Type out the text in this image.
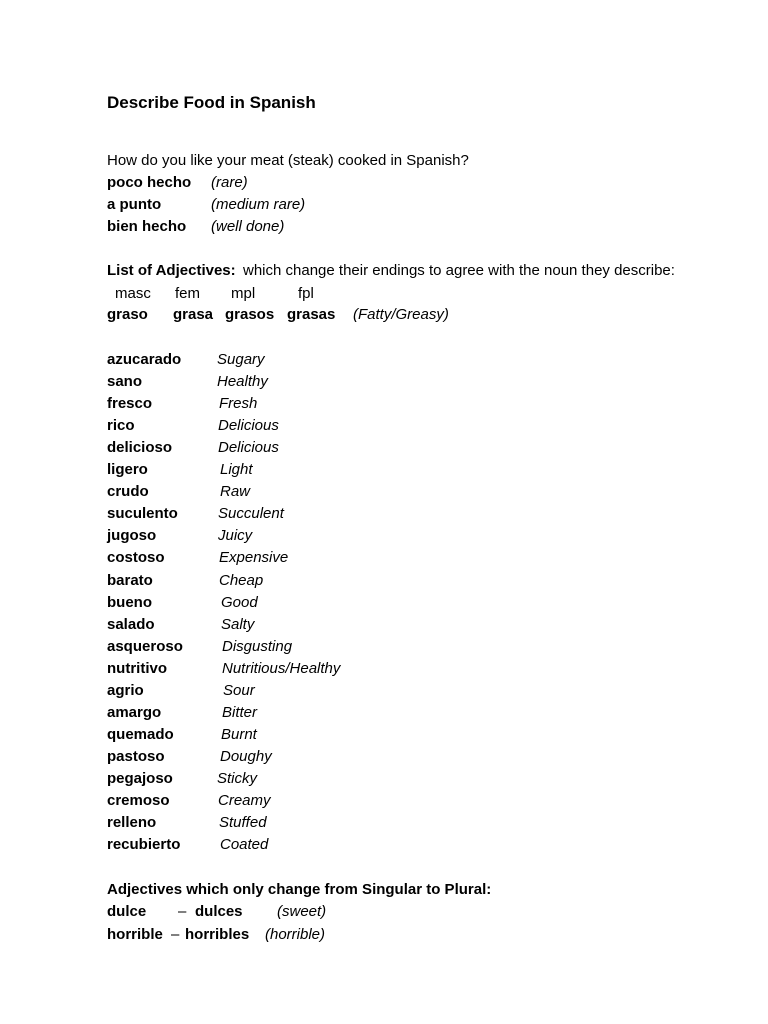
Describe Food in Spanish
How do you like your meat (steak) cooked in Spanish?
poco hecho (rare)
a punto	(medium rare)
bien hecho (well done)
List of Adjectives: which change their endings to agree with the noun they describe:
masc fem mpl	fpl
graso grasa grasos grasas (Fatty/Greasy)
azucarado Sugary
sano	Healthy
fresco	Fresh
rico	Delicious
delicioso	Delicious
ligero	Light
crudo	Raw
suculento	Succulent
jugoso	Juicy
costoso	Expensive
barato	Cheap
bueno	Good
salado	Salty
asqueroso	Disgusting
nutritivo	Nutritious/Healthy
agrio	Sour
amargo	Bitter
quemado	Burnt
pastoso	Doughy
pegajoso	Sticky
cremoso	Creamy
relleno	Stuffed
recubierto	Coated
Adjectives which only change from Singular to Plural:
dulce – dulces (sweet)
horrible – horribles (horrible)
